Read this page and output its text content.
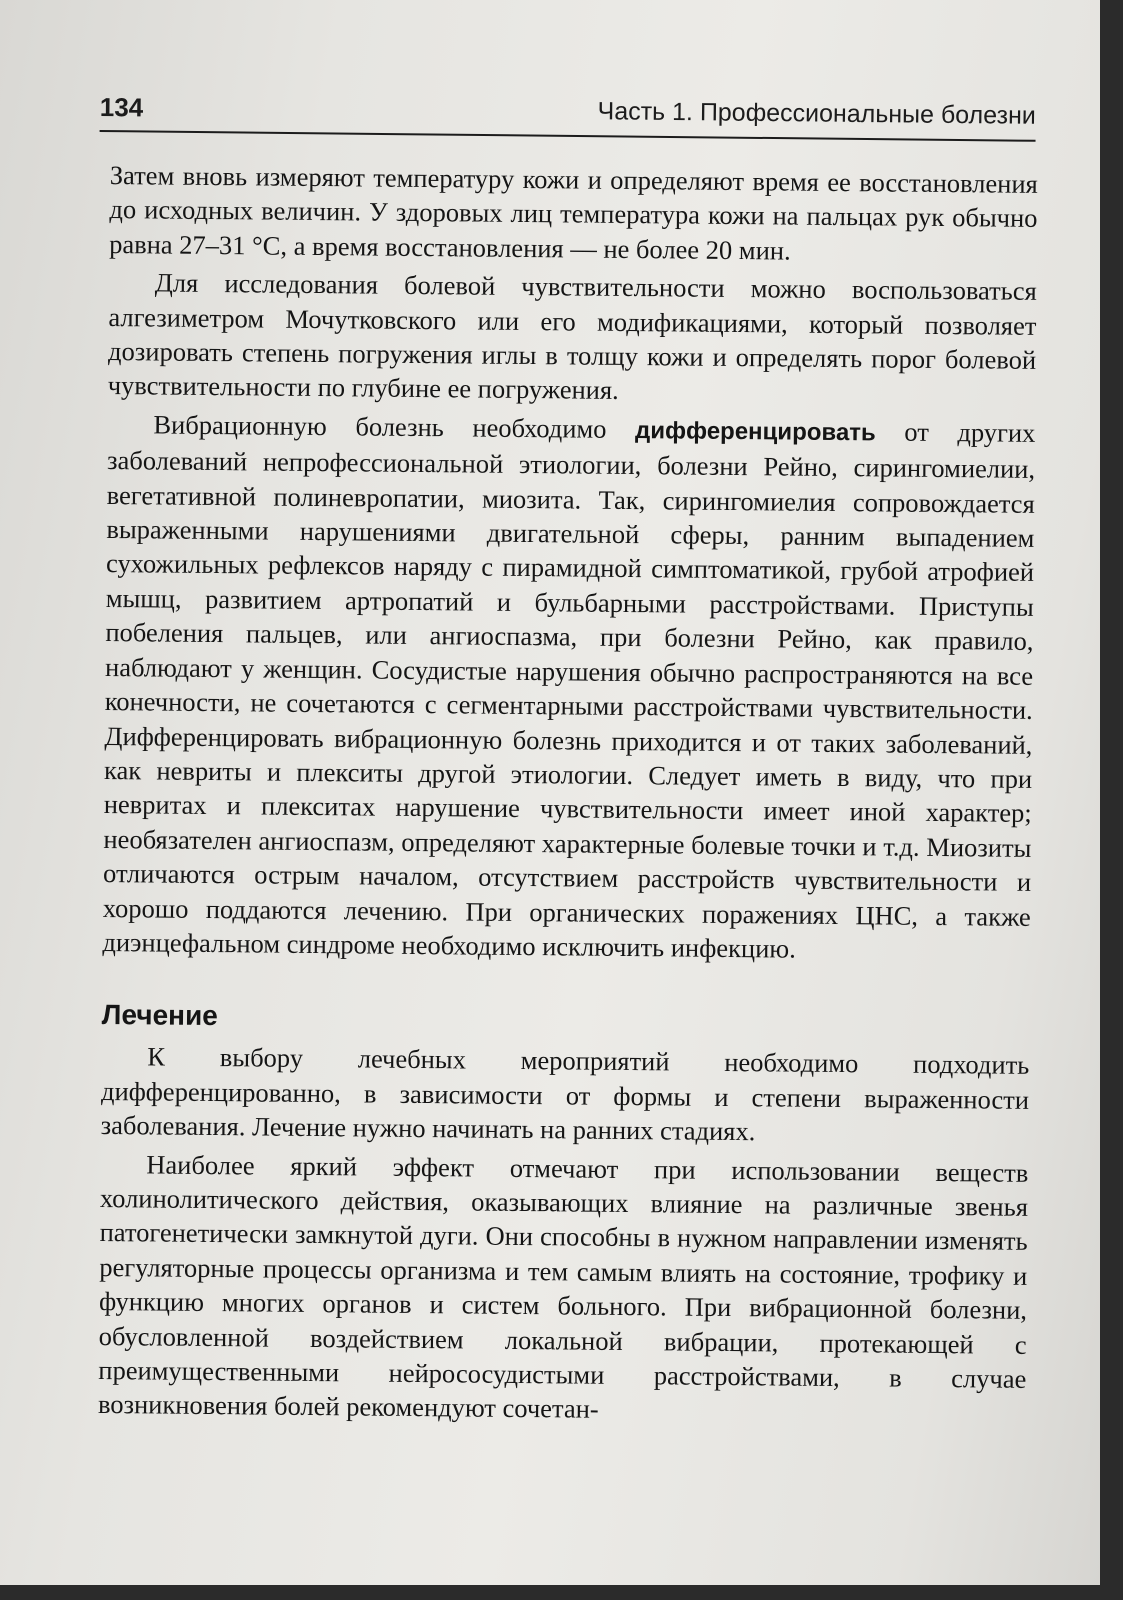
134	Часть 1. Профессиональные болезни

Затем вновь измеряют температуру кожи и определяют время ее восстановления до исходных величин. У здоровых лиц температура кожи на пальцах рук обычно равна 27–31 °С, а время восстановления — не более 20 мин.

Для исследования болевой чувствительности можно воспользоваться алгезиметром Мочутковского или его модификациями, который позволяет дозировать степень погружения иглы в толщу кожи и определять порог болевой чувствительности по глубине ее погружения.

Вибрационную болезнь необходимо дифференцировать от других заболеваний непрофессиональной этиологии, болезни Рейно, сирингомиелии, вегетативной полиневропатии, миозита. Так, сирингомиелия сопровождается выраженными нарушениями двигательной сферы, ранним выпадением сухожильных рефлексов наряду с пирамидной симптоматикой, грубой атрофией мышц, развитием артропатий и бульбарными расстройствами. Приступы побеления пальцев, или ангиоспазма, при болезни Рейно, как правило, наблюдают у женщин. Сосудистые нарушения обычно распространяются на все конечности, не сочетаются с сегментарными расстройствами чувствительности. Дифференцировать вибрационную болезнь приходится и от таких заболеваний, как невриты и плекситы другой этиологии. Следует иметь в виду, что при невритах и плекситах нарушение чувствительности имеет иной характер; необязателен ангиоспазм, определяют характерные болевые точки и т.д. Миозиты отличаются острым началом, отсутствием расстройств чувствительности и хорошо поддаются лечению. При органических поражениях ЦНС, а также диэнцефальном синдроме необходимо исключить инфекцию.

Лечение

К выбору лечебных мероприятий необходимо подходить дифференцированно, в зависимости от формы и степени выраженности заболевания. Лечение нужно начинать на ранних стадиях.

Наиболее яркий эффект отмечают при использовании веществ холинолитического действия, оказывающих влияние на различные звенья патогенетически замкнутой дуги. Они способны в нужном направлении изменять регуляторные процессы организма и тем самым влиять на состояние, трофику и функцию многих органов и систем больного. При вибрационной болезни, обусловленной воздействием локальной вибрации, протекающей с преимущественными нейрососудистыми расстройствами, в случае возникновения болей рекомендуют сочетан-
